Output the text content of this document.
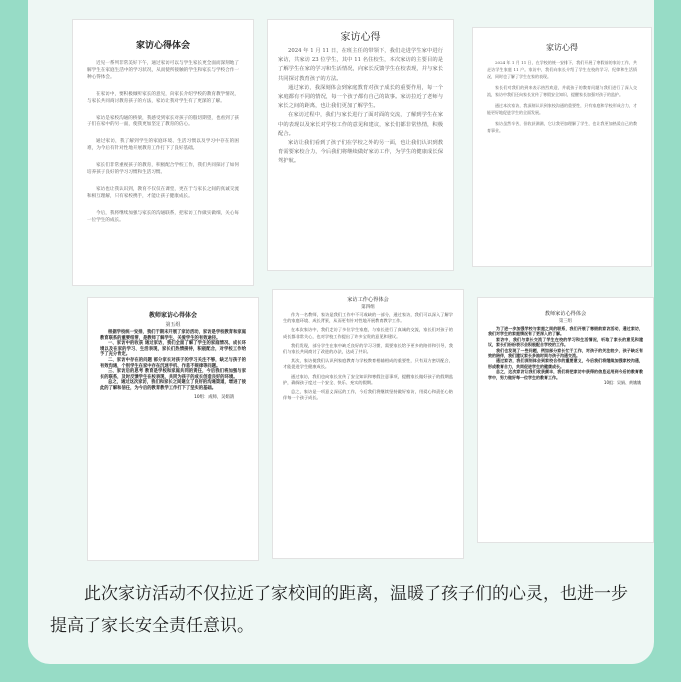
家访心得体会

近见一系列非常美好下午，通过家访可以与学生家长更全面而深刻地了解学生在家庭生活中的学习状况，从而使所接触的学生和家长与学校合作一种心得体会。

在家访中，要积极倾听家长的意见，向家长介绍学校的教育教学情况，与家长共同商讨教育孩子的方法，家访让我对学生有了更深的了解。

家访是家校沟通的桥梁，我感受到家长对孩子的殷切期望，也看到了孩子们在家中的另一面，使我更加坚定了教育的信心。

通过家访，我了解到学生的家庭环境、生活习惯以及学习中存在的困难，为今后有针对性地开展教育工作打下了良好基础。

家长们非常重视孩子的教育，积极配合学校工作，我们共同探讨了如何培养孩子良好的学习习惯和生活习惯。

家访也让我认识到，教育不仅仅在课堂，更在于与家长之间的真诚交流和相互理解，只有家校携手，才能让孩子健康成长。

今后，我将继续加强与家长的沟通联系，把家访工作做实做细，关心每一位学生的成长。

家访心得

2024 年 1 月 11 日，在班主任的带领下，我们走进学生家中进行家访，共家访 23 位学生，其中 11 名住校生，本次家访的主要目的是了解学生在家的学习和生活情况，向家长反馈学生在校表现，并与家长共同探讨教育孩子的方法。

通过家访，我深刻体会到家庭教育对孩子成长的重要作用，每一个家庭都有不同的情况，每一个孩子都有自己的故事。家访拉近了老师与家长之间的距离，也让我们更加了解学生。

在家访过程中，我们与家长进行了面对面的交流，了解到学生在家中的表现以及家长对学校工作的意见和建议，家长们都非常热情，积极配合。

家访让我们看到了孩子们在学校之外的另一面，也让我们认识到教育需要家校合力，今后我们将继续做好家访工作，为学生的健康成长保驾护航。

家访心得

2024 年 1 月 11 日，在学校的统一安排下，我们开展了寒假前的家访工作，共走访学生家庭 11 户。家访中，我们向家长介绍了学生在校的学习、纪律和生活情况，同时也了解了学生在家的表现。

家长们对我们的到来表示热烈欢迎，并就孩子的教育问题与我们进行了深入交流，家访中我们还向家长宣传了寒假安全知识，提醒家长加强对孩子的监护。

通过本次家访，我深刻认识到家校沟通的重要性，只有家庭和学校形成合力，才能更好地促进学生的全面发展。

家访虽然辛苦，但收获满满，它让我更加理解了学生，也让我更加热爱自己的教育事业。

教师家访心得体会
第五组

根据学校统一安排，我们于期末开展了家访活动，家访是学校教育和家庭教育联系的重要纽带，是教师了解学生、关爱学生的有效途径。

一、家访中的收获 通过家访，我们全面了解了学生的家庭情况、成长环境以及在家的学习、生活表现，家长们热情接待，积极配合，对学校工作给予了充分肯定。

二、家访中存在的问题 部分家长对孩子的学习关注不够，缺乏与孩子的有效沟通，个别学生在家中存在沉迷手机、作息不规律等问题。

三、家访后的思考 教育是学校和家庭共同的责任，今后我们将加强与家长的联系，及时反馈学生在校表现，共同为孩子的成长创造良好的环境。

总之，通过这次家访，我们和家长之间建立了良好的沟通渠道，增进了彼此的了解和信任，为今后的教育教学工作打下了坚实的基础。

10组：成师、吴娟鸽
家访工作心得体会
第四组

作为一名教师，家访是我们工作中不可或缺的一部分，通过家访，我们可以深入了解学生的家庭环境、成长背景，从而更有针对性地开展教育教学工作。

在本次家访中，我们走访了多位学生家庭，与家长进行了真诚的交流，家长们对孩子的成长都非常关心，也对学校工作提出了许多宝贵的意见和建议。

我们发现，部分学生在家中缺乏良好的学习习惯，需要家长给予更多的陪伴和引导，我们与家长共同商讨了改进的办法，达成了共识。

其次，家访使我们认识到家庭教育与学校教育相辅相成的重要性，只有双方密切配合，才能促进学生健康成长。

通过家访，我们也向家长宣传了安全知识和寒假注意事项，提醒家长做好孩子的假期监护，确保孩子度过一个安全、快乐、充实的假期。

总之，家访是一项意义深远的工作，今后我们将继续坚持做好家访，用爱心和责任心陪伴每一个孩子成长。

教师家访心得体会
第三组

为了进一步加强学校与家庭之间的联系，我们开展了寒假前家访活动，通过家访，我们对学生的家庭情况有了更深入的了解。

家访中，我们与家长交流了学生在校的学习和生活情况，听取了家长的意见和建议，家长们纷纷表示会积极配合学校的工作。

我们也发现了一些问题，例如部分家长忙于工作，对孩子的关注较少，孩子缺乏有效的陪伴，我们建议家长多抽时间与孩子沟通交流。

通过家访，我们深刻体会到家校合作的重要意义，今后我们将继续加强家校沟通，形成教育合力，共同促进学生的健康成长。

总之，这次家访让我们收获颇丰，我们将把家访中获得的信息运用到今后的教育教学中，努力做好每一位学生的教育工作。

10组：吴娟、黄娥娥

此次家访活动不仅拉近了家校间的距离，温暖了孩子们的心灵，也进一步提高了家长安全责任意识。
